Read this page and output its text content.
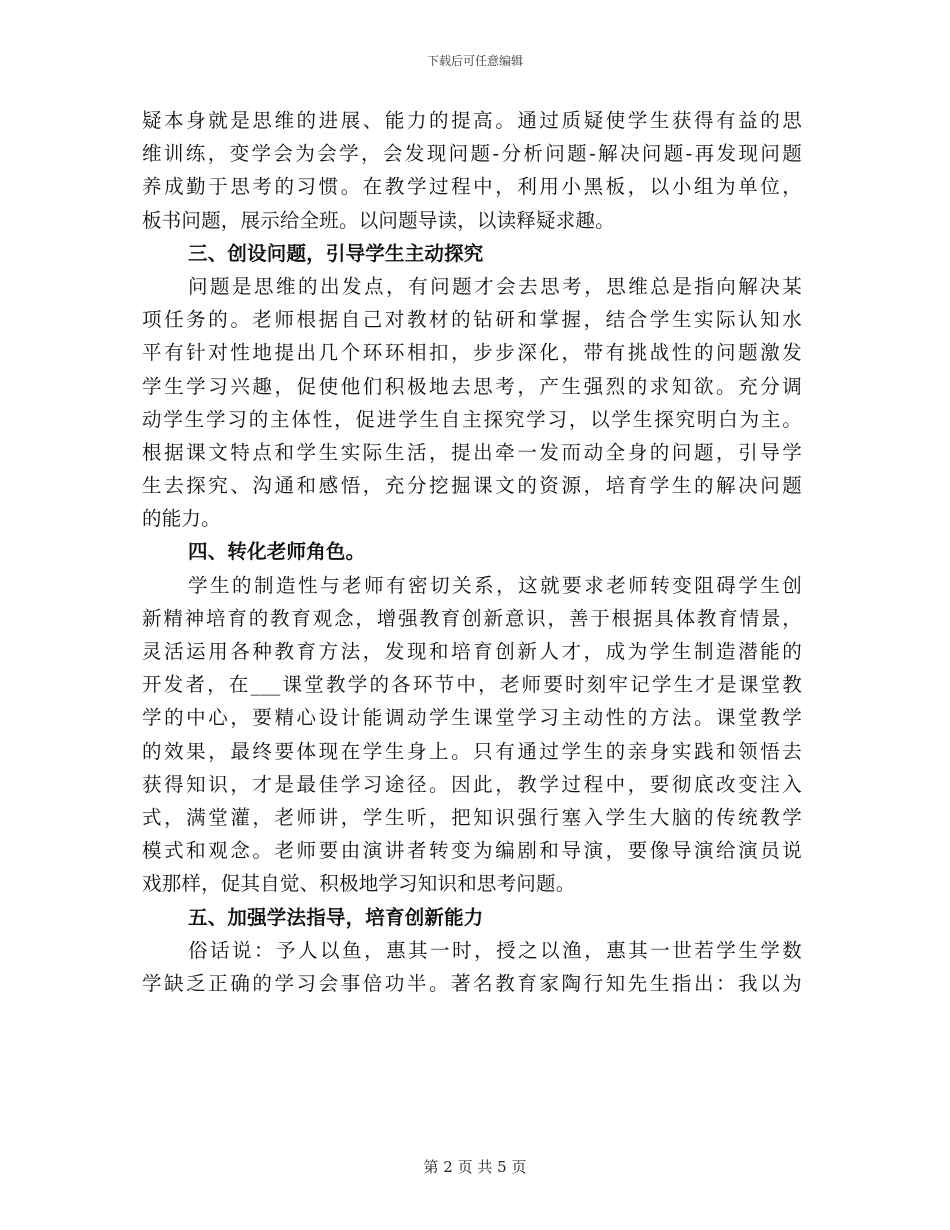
下载后可任意编辑
疑本身就是思维的进展、能力的提高。通过质疑使学生获得有益的思
维训练，变学会为会学，会发现问题-分析问题-解决问题-再发现问题
养成勤于思考的习惯。在教学过程中，利用小黑板，以小组为单位，
板书问题，展示给全班。以问题导读，以读释疑求趣。
三、创设问题，引导学生主动探究
问题是思维的出发点，有问题才会去思考，思维总是指向解决某
项任务的。老师根据自己对教材的钻研和掌握，结合学生实际认知水
平有针对性地提出几个环环相扣，步步深化，带有挑战性的问题激发
学生学习兴趣，促使他们积极地去思考，产生强烈的求知欲。充分调
动学生学习的主体性，促进学生自主探究学习，以学生探究明白为主。
根据课文特点和学生实际生活，提出牵一发而动全身的问题，引导学
生去探究、沟通和感悟，充分挖掘课文的资源，培育学生的解决问题
的能力。
四、转化老师角色。
学生的制造性与老师有密切关系，这就要求老师转变阻碍学生创
新精神培育的教育观念，增强教育创新意识，善于根据具体教育情景，
灵活运用各种教育方法，发现和培育创新人才，成为学生制造潜能的
开发者，在___课堂教学的各环节中，老师要时刻牢记学生才是课堂教
学的中心，要精心设计能调动学生课堂学习主动性的方法。课堂教学
的效果，最终要体现在学生身上。只有通过学生的亲身实践和领悟去
获得知识，才是最佳学习途径。因此，教学过程中，要彻底改变注入
式，满堂灌，老师讲，学生听，把知识强行塞入学生大脑的传统教学
模式和观念。老师要由演讲者转变为编剧和导演，要像导演给演员说
戏那样，促其自觉、积极地学习知识和思考问题。
五、加强学法指导，培育创新能力
俗话说：予人以鱼，惠其一时，授之以渔，惠其一世若学生学数
学缺乏正确的学习会事倍功半。著名教育家陶行知先生指出：我以为
第 2 页 共 5 页
